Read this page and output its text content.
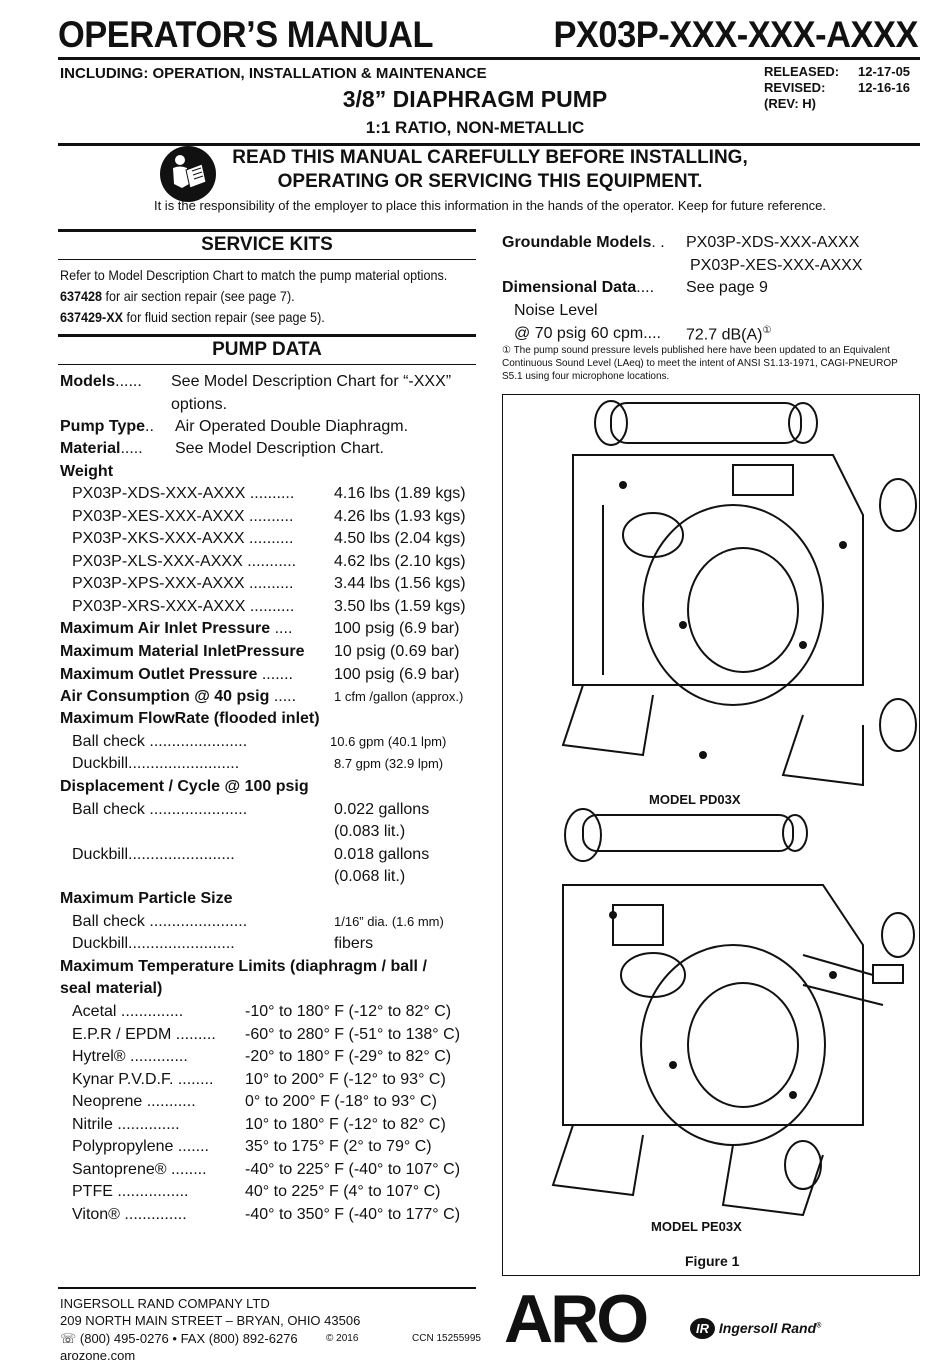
OPERATOR’S MANUAL	PX03P-XXX-XXX-AXXX
INCLUDING: OPERATION, INSTALLATION & MAINTENANCE	RELEASED: 12-17-05
REVISED:	12-16-16
(REV: H)
3/8” DIAPHRAGM PUMP
1:1 RATIO, NON-METALLIC
READ THIS MANUAL CAREFULLY BEFORE INSTALLING,
OPERATING OR SERVICING THIS EQUIPMENT.
It is the responsibility of the employer to place this information in the hands of the operator. Keep for future reference.
SERVICE KITS
Refer to Model Description Chart to match the pump material options.
637428 for air section repair (see page 7).
637429-XX for fluid section repair (see page 5).
PUMP DATA
Models...... See Model Description Chart for “-XXX”
options.
Pump Type.. Air Operated Double Diaphragm.
Material..... See Model Description Chart.
Weight
PX03P-XDS-XXX-AXXX .......... 4.16 lbs (1.89 kgs)
PX03P-XES-XXX-AXXX ..........	4.26 lbs (1.93 kgs)
PX03P-XKS-XXX-AXXX ..........	4.50 lbs (2.04 kgs)
PX03P-XLS-XXX-AXXX ........... 4.62 lbs (2.10 kgs)
PX03P-XPS-XXX-AXXX ..........	3.44 lbs (1.56 kgs)
PX03P-XRS-XXX-AXXX .......... 3.50 lbs (1.59 kgs)
Maximum Air Inlet Pressure ....	100 psig (6.9 bar)
Maximum Material InletPressure 10 psig (0.69 bar)
Maximum Outlet Pressure .......	100 psig (6.9 bar)
Air Consumption @ 40 psig .....	1 cfm /gallon (approx.)
Maximum FlowRate (flooded inlet)
Ball check ......................	10.6 gpm (40.1 lpm)
Duckbill.........................	8.7 gpm (32.9 lpm)
Displacement / Cycle @ 100 psig
Ball check ......................	0.022 gallons
(0.083 lit.)
Duckbill........................	0.018 gallons
(0.068 lit.)
Maximum Particle Size
Ball check ......................	1/16” dia. (1.6 mm)
Duckbill........................	fibers
Maximum Temperature Limits (diaphragm / ball /
seal material)
Acetal ..............	-10° to 180° F (-12° to 82° C)
E.P.R / EPDM ......... -60° to 280° F (-51° to 138° C)
Hytrel® .............	-20° to 180° F (-29° to 82° C)
Kynar P.V.D.F. ........ 10° to 200° F (-12° to 93° C)
Neoprene ...........	0° to 200° F (-18° to 93° C)
Nitrile ..............	10° to 180° F (-12° to 82° C)
Polypropylene ....... 35° to 175° F (2° to 79° C)
Santoprene® ........ -40° to 225° F (-40° to 107° C)
PTFE ................	40° to 225° F (4° to 107° C)
Viton® ..............	-40° to 350° F (-40° to 177° C)
Groundable Models. . PX03P-XDS-XXX-AXXX
PX03P-XES-XXX-AXXX
Dimensional Data.... See page 9
Noise Level
@ 70 psig 60 cpm.... 72.7 dB(A)①
① The pump sound pressure levels published here have been updated to an Equivalent Continuous Sound Level (LAeq) to meet the intent of ANSI S1.13-1971, CAGI-PNEUROP S5.1 using four microphone locations.
MODEL PD03X
MODEL PE03X
Figure 1
INGERSOLL RAND COMPANY LTD
209 NORTH MAIN STREET – BRYAN, OHIO 43506
☏ (800) 495-0276 • FAX (800) 892-6276	© 2016	CCN 15255995
arozone.com	ARO	IR Ingersoll Rand®
